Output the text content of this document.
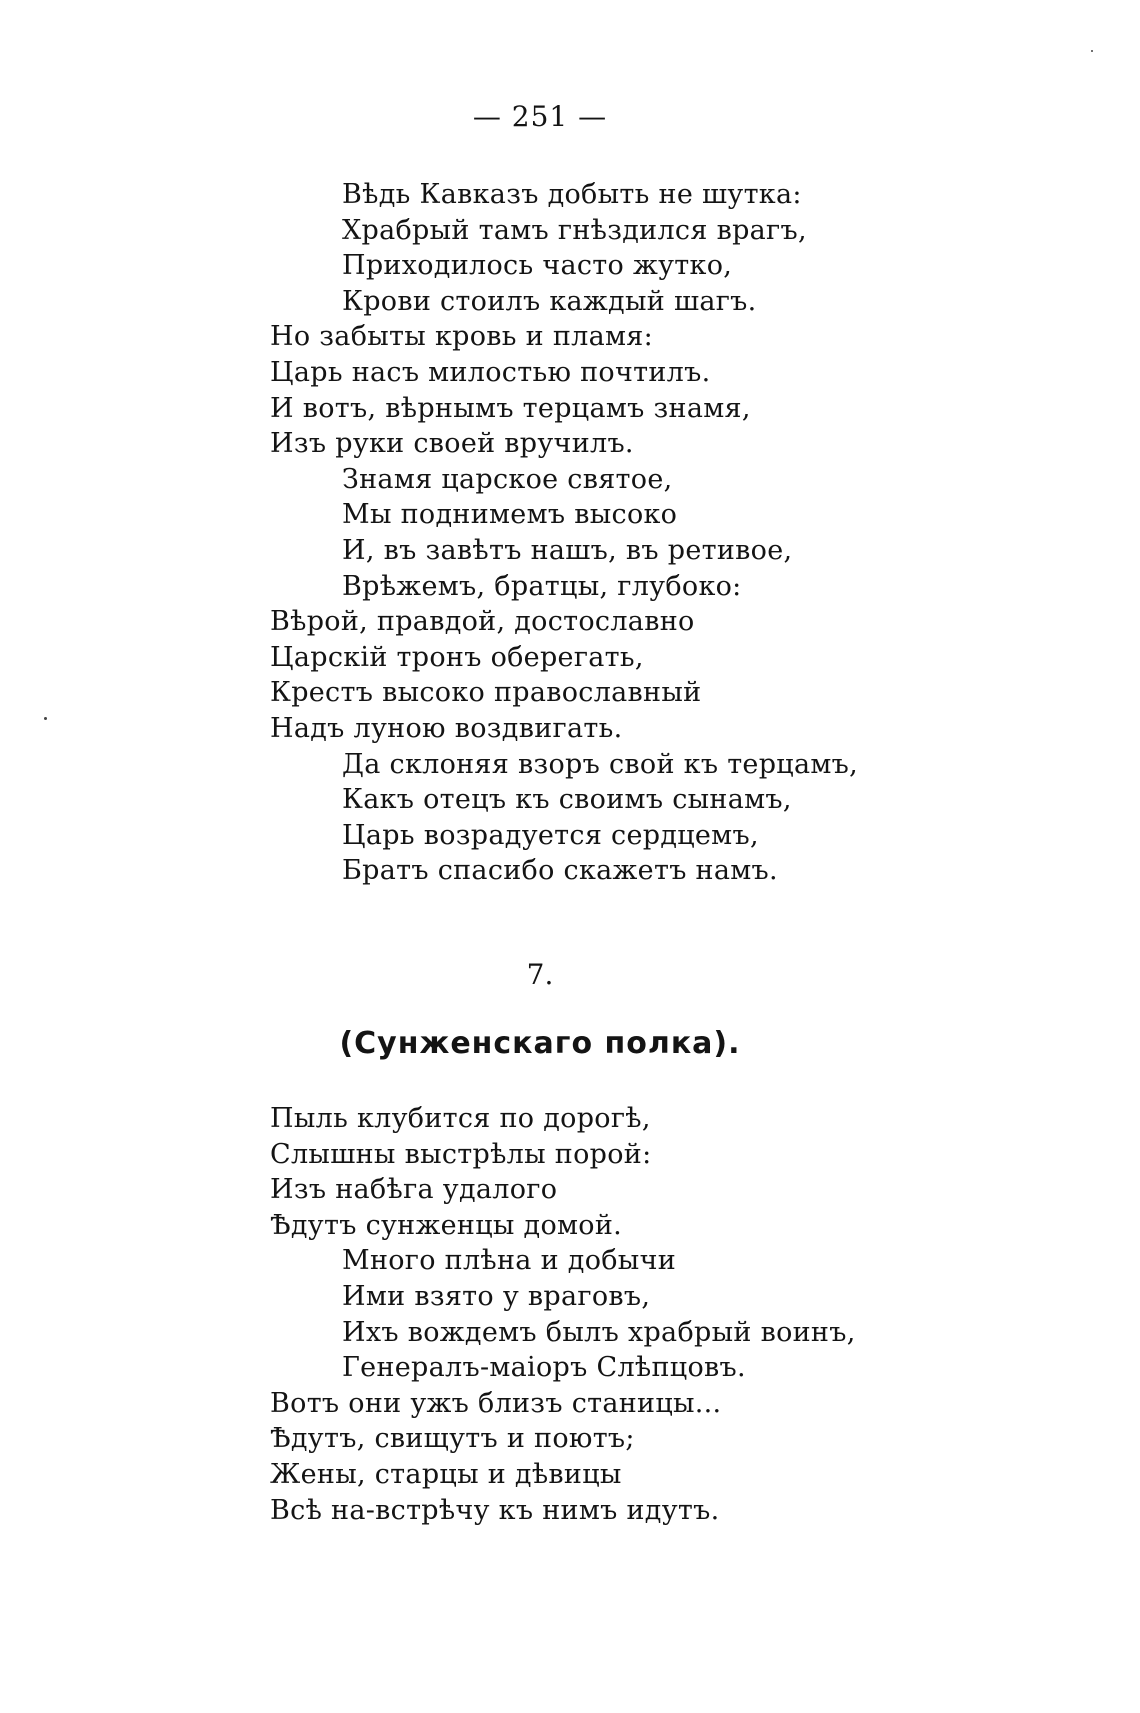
— 251 —
Вѣдь Кавказъ добыть не шутка:
Храбрый тамъ гнѣздился врагъ,
Приходилось часто жутко,
Крови стоилъ каждый шагъ.
Но забыты кровь и пламя:
Царь насъ милостью почтилъ.
И вотъ, вѣрнымъ терцамъ знамя,
Изъ руки своей вручилъ.
Знамя царское святое,
Мы поднимемъ высоко
И, въ завѣтъ нашъ, въ ретивое,
Врѣжемъ, братцы, глубоко:
Вѣрой, правдой, достославно
Царскій тронъ оберегать,
Крестъ высоко православный
Надъ луною воздвигать.
Да склоняя взоръ свой къ терцамъ,
Какъ отецъ къ своимъ сынамъ,
Царь возрадуется сердцемъ,
Братъ спасибо скажетъ намъ.
7.
(Сунженскаго полка).
Пыль клубится по дорогѣ,
Слышны выстрѣлы порой:
Изъ набѣга удалого
Ѣдутъ сунженцы домой.
Много плѣна и добычи
Ими взято у враговъ,
Ихъ вождемъ былъ храбрый воинъ,
Генералъ-маіоръ Слѣпцовъ.
Вотъ они ужъ близъ станицы...
Ѣдутъ, свищутъ и поютъ;
Жены, старцы и дѣвицы
Всѣ на-встрѣчу къ нимъ идутъ.
